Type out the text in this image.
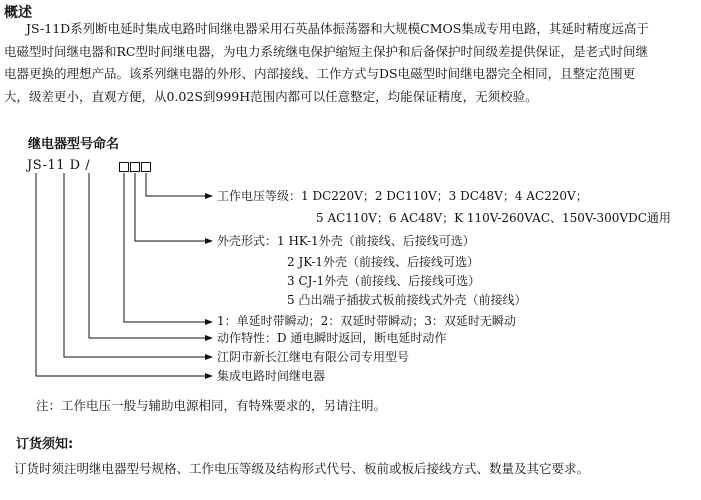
概述
JS-11D系列断电延时集成电路时间继电器采用石英晶体振荡器和大规模CMOS集成专用电路，其延时精度远高于
电磁型时间继电器和RC型时间继电器，为电力系统继电保护缩短主保护和后备保护时间级差提供保证，是老式时间继
电器更换的理想产品。该系列继电器的外形、内部接线、工作方式与DS电磁型时间继电器完全相同，且整定范围更
大，级差更小，直观方便，从0.02S到999H范围内都可以任意整定，均能保证精度，无须校验。
继电器型号命名
JS-11 D /
工作电压等级：1 DC220V；2 DC110V；3 DC48V；4 AC220V；
5 AC110V；6 AC48V；K 110V-260VAC、150V-300VDC通用
外壳形式：1 HK-1外壳（前接线、后接线可选）
2 JK-1外壳（前接线、后接线可选）
3 CJ-1外壳（前接线、后接线可选）
5 凸出端子插拔式板前接线式外壳（前接线）
1：单延时带瞬动；2：双延时带瞬动；3：双延时无瞬动
动作特性：D 通电瞬时返回，断电延时动作
江阴市新长江继电有限公司专用型号
集成电路时间继电器
注：工作电压一般与辅助电源相同，有特殊要求的，另请注明。
订货须知:
订货时须注明继电器型号规格、工作电压等级及结构形式代号、板前或板后接线方式、数量及其它要求。
